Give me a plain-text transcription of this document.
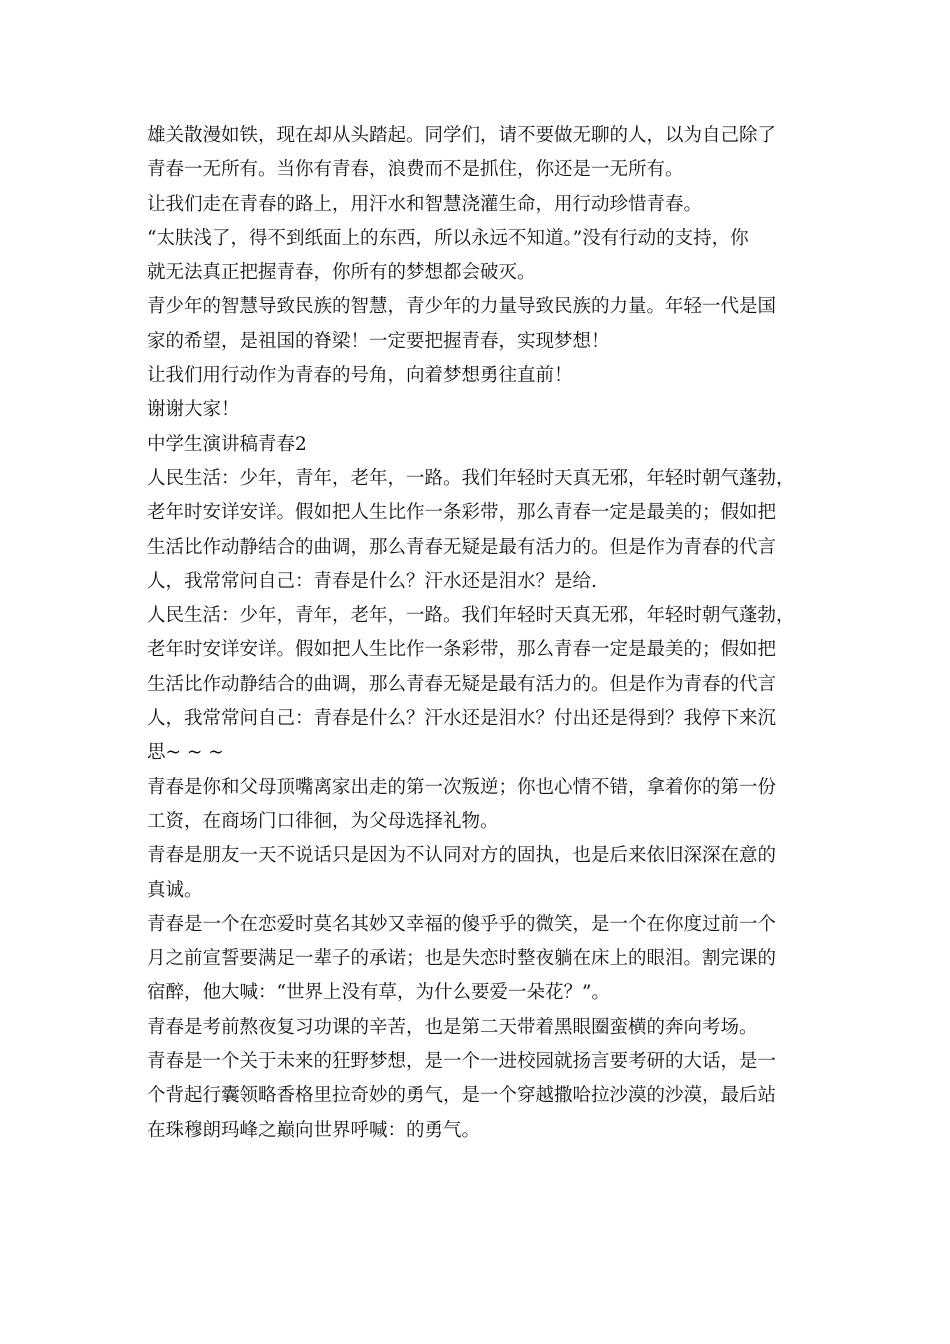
雄关散漫如铁，现在却从头踏起。同学们，请不要做无聊的人，以为自己除了
青春一无所有。当你有青春，浪费而不是抓住，你还是一无所有。
让我们走在青春的路上，用汗水和智慧浇灌生命，用行动珍惜青春。
“太肤浅了，得不到纸面上的东西，所以永远不知道。”没有行动的支持，你
就无法真正把握青春，你所有的梦想都会破灭。
青少年的智慧导致民族的智慧，青少年的力量导致民族的力量。年轻一代是国
家的希望，是祖国的脊梁！一定要把握青春，实现梦想！
让我们用行动作为青春的号角，向着梦想勇往直前！
谢谢大家！
中学生演讲稿青春2
人民生活：少年，青年，老年，一路。我们年轻时天真无邪，年轻时朝气蓬勃，
老年时安详安详。假如把人生比作一条彩带，那么青春一定是最美的；假如把
生活比作动静结合的曲调，那么青春无疑是最有活力的。但是作为青春的代言
人，我常常问自己：青春是什么？汗水还是泪水？是给.
人民生活：少年，青年，老年，一路。我们年轻时天真无邪，年轻时朝气蓬勃，
老年时安详安详。假如把人生比作一条彩带，那么青春一定是最美的；假如把
生活比作动静结合的曲调，那么青春无疑是最有活力的。但是作为青春的代言
人，我常常问自己：青春是什么？汗水还是泪水？付出还是得到？我停下来沉
思~ ~ ~
青春是你和父母顶嘴离家出走的第一次叛逆；你也心情不错，拿着你的第一份
工资，在商场门口徘徊，为父母选择礼物。
青春是朋友一天不说话只是因为不认同对方的固执，也是后来依旧深深在意的
真诚。
青春是一个在恋爱时莫名其妙又幸福的傻乎乎的微笑，是一个在你度过前一个
月之前宣誓要满足一辈子的承诺；也是失恋时整夜躺在床上的眼泪。割完课的
宿醉，他大喊：“世界上没有草，为什么要爱一朵花？”。
青春是考前熬夜复习功课的辛苦，也是第二天带着黑眼圈蛮横的奔向考场。
青春是一个关于未来的狂野梦想，是一个一进校园就扬言要考研的大话，是一
个背起行囊领略香格里拉奇妙的勇气，是一个穿越撒哈拉沙漠的沙漠，最后站
在珠穆朗玛峰之巅向世界呼喊：的勇气。
